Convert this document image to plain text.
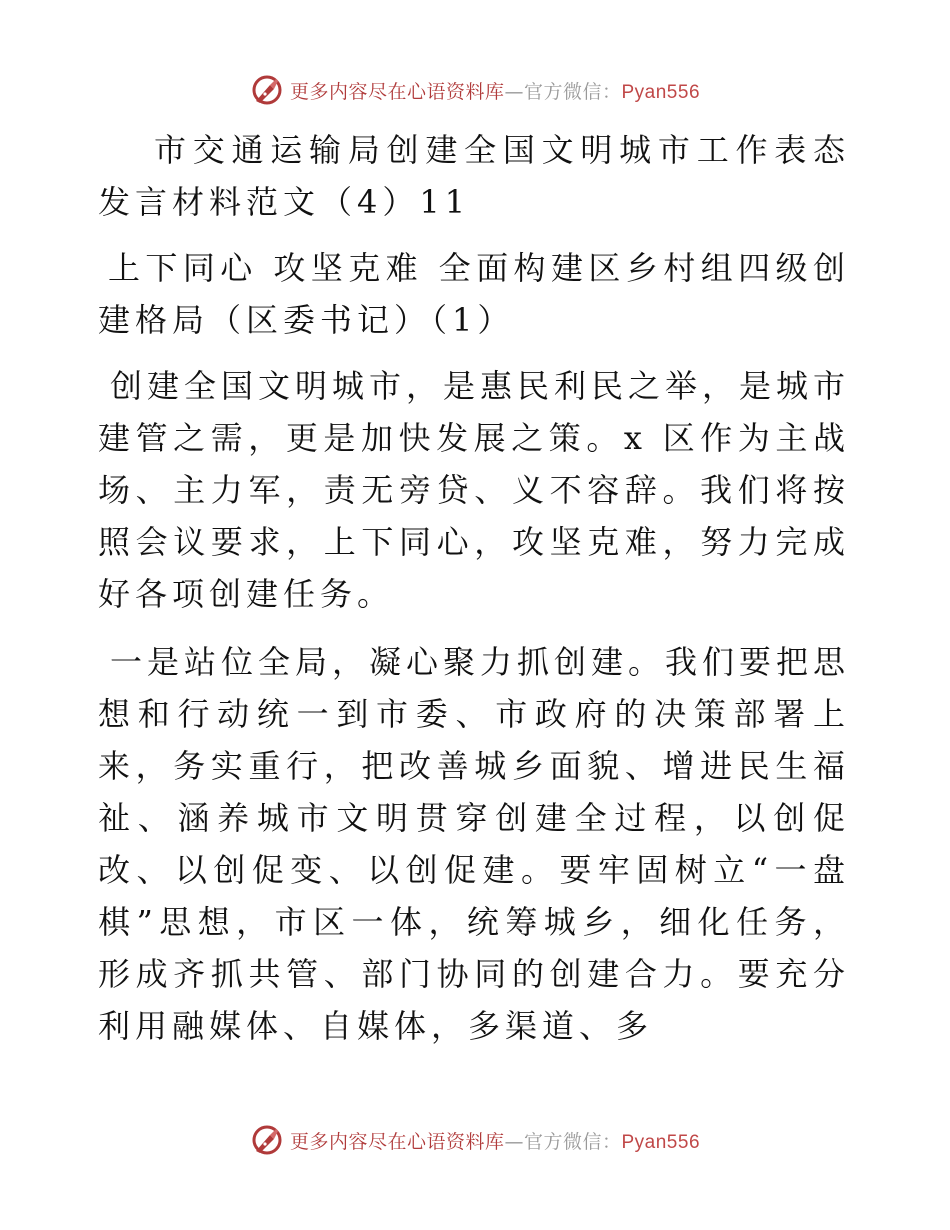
更多内容尽在心语资料库—官方微信：Pyan556

市交通运输局创建全国文明城市工作表态发言材料范文（4）11

上下同心 攻坚克难 全面构建区乡村组四级创建格局（区委书记）（1）

创建全国文明城市，是惠民利民之举，是城市建管之需，更是加快发展之策。x 区作为主战场、主力军，责无旁贷、义不容辞。我们将按照会议要求，上下同心，攻坚克难，努力完成好各项创建任务。

一是站位全局，凝心聚力抓创建。我们要把思想和行动统一到市委、市政府的决策部署上来，务实重行，把改善城乡面貌、增进民生福祉、涵养城市文明贯穿创建全过程，以创促改、以创促变、以创促建。要牢固树立“一盘棋”思想，市区一体，统筹城乡，细化任务，形成齐抓共管、部门协同的创建合力。要充分利用融媒体、自媒体，多渠道、多

更多内容尽在心语资料库—官方微信：Pyan556
